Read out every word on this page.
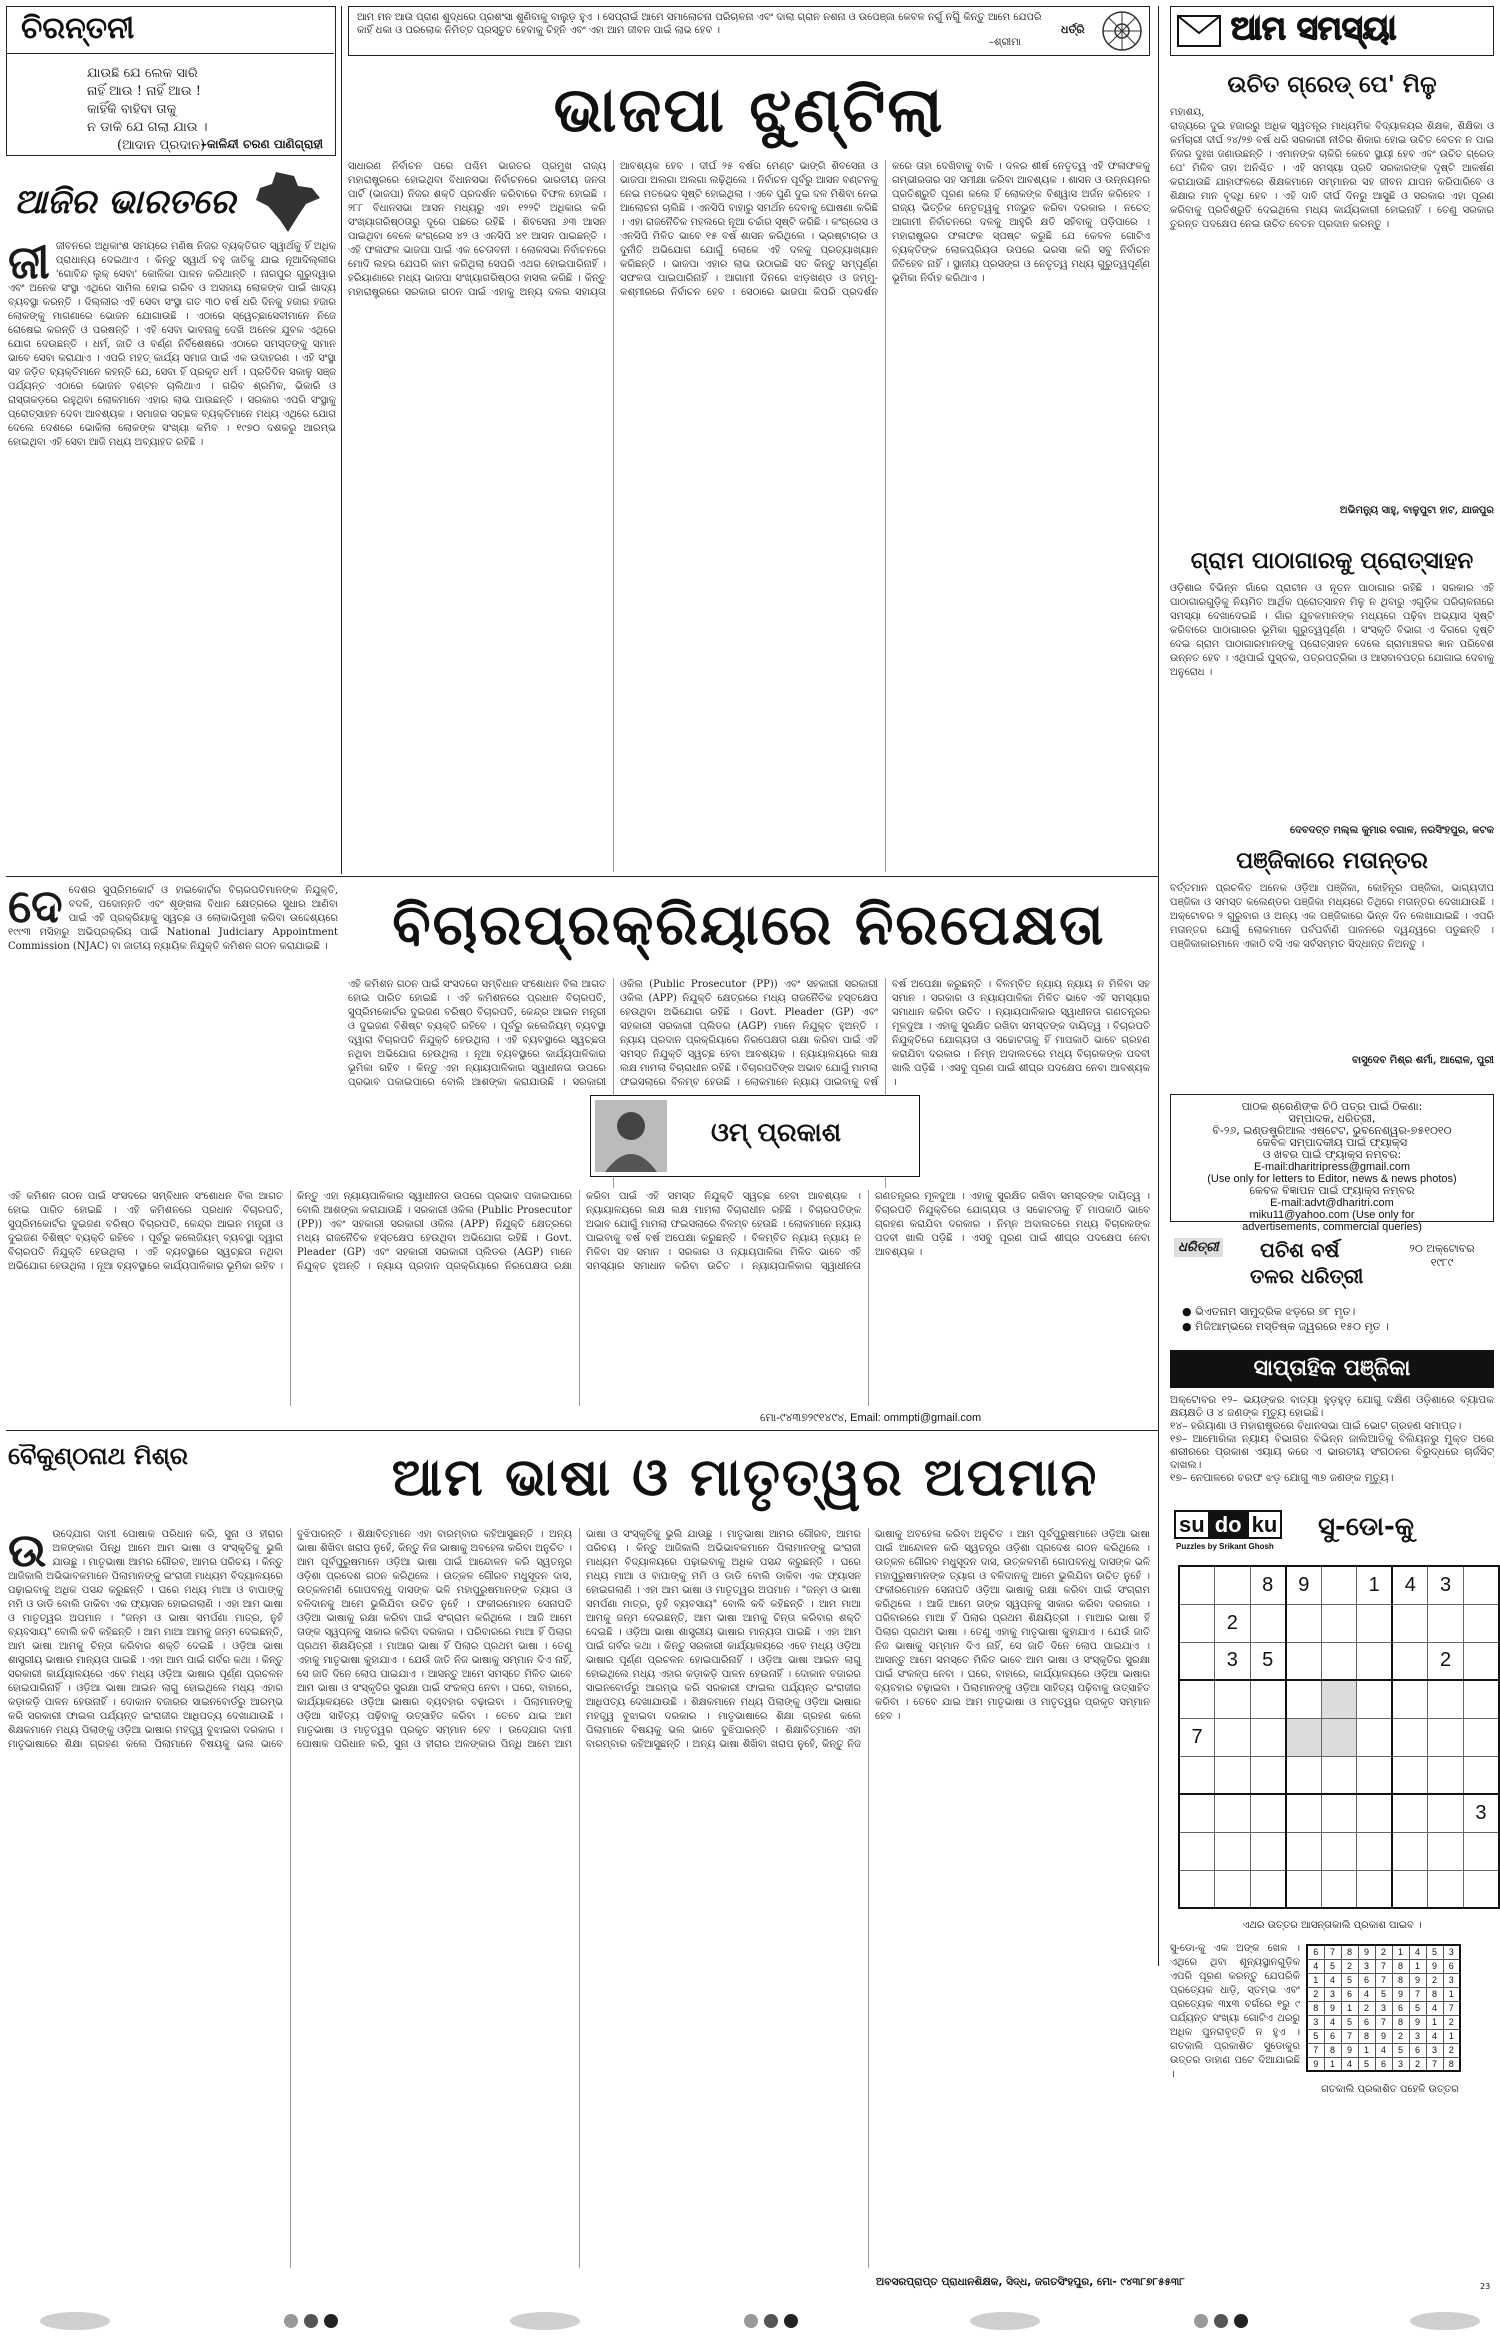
ଚିରନ୍ତନୀ
ଯାଉଛି ଯେ ଲେକ ସାରି
ନାହିଁ ଆଉ ! ନାହିଁ ଆଉ !
କାହିଁକି ବାହିବା ତାକୁ
ନ ଡାକି ଯେ ଗଲା ଯାଉ ।
(ଆଦାନ ପ୍ରଦାନ)
–କାଳିନ୍ଦୀ ଚରଣ ପାଣିଗ୍ରାହୀ
ଆଜିର ଭାରତରେ
ଜୀ ଜୀବନରେ ଅଧିକାଂଶ ସମୟରେ ମଣିଷ ନିଜର ବ୍ୟକ୍ତିଗତ ସ୍ୱାର୍ଥକୁ ହିଁ ଅଧିକ ପ୍ରାଧାନ୍ୟ ଦେଇଥାଏ । କିନ୍ତୁ ସ୍ୱାର୍ଥ ବହୁ ଜାତିକୁ ଯାଇ ନୂଆଦିଲ୍ଲୀର 'ଗୋବିନ୍ଦ ଲୁକ୍ ସେବା' କୋଳିକା ପାଳନ କରିଥାନ୍ତି । ନାଗପୁର ଗୁରୁଦ୍ୱାର ଏବଂ ଅନେକ ସଂସ୍ଥା ଏଥିରେ ସାମିଲ ହୋଇ ଗରିବ ଓ ଅସହାୟ ଲୋକଙ୍କ ପାଇଁ ଖାଦ୍ୟ ବ୍ୟବସ୍ଥା କରନ୍ତି । ଦିଲ୍ଲୀର ଏହି ସେବା ସଂସ୍ଥା ଗତ ୩୦ ବର୍ଷ ଧରି ଦିନକୁ ହଜାର ହଜାର ଲୋକଙ୍କୁ ମାଗଣାରେ ଭୋଜନ ଯୋଗାଉଛି । ଏଠାରେ ସ୍ୱେଚ୍ଛାସେବୀମାନେ ନିଜେ ରୋଷେଇ କରନ୍ତି ଓ ପରଷନ୍ତି । ଏହି ସେବା ଭାବନାକୁ ଦେଖି ଅନେକ ଯୁବକ ଏଥିରେ ଯୋଗ ଦେଉଛନ୍ତି । ଧର୍ମ, ଜାତି ଓ ବର୍ଣ୍ଣ ନିର୍ବିଶେଷରେ ଏଠାରେ ସମସ୍ତଙ୍କୁ ସମାନ ଭାବେ ସେବା କରାଯାଏ । ଏପରି ମହତ୍ କାର୍ଯ୍ୟ ସମାଜ ପାଇଁ ଏକ ଉଦାହରଣ । ଏହି ସଂସ୍ଥା ସହ ଜଡ଼ିତ ବ୍ୟକ୍ତିମାନେ କହନ୍ତି ଯେ, ସେବା ହିଁ ପ୍ରକୃତ ଧର୍ମ । ପ୍ରତିଦିନ ସକାଳୁ ସଞ୍ଜ ପର୍ଯ୍ୟନ୍ତ ଏଠାରେ ଭୋଜନ ବଣ୍ଟନ ଚାଲିଥାଏ । ଗରିବ ଶ୍ରମିକ, ଭିକାରି ଓ ରାସ୍ତାକଡ଼ରେ ରହୁଥିବା ଲୋକମାନେ ଏହାର ଲାଭ ପାଉଛନ୍ତି । ସରକାର ଏପରି ସଂସ୍ଥାକୁ ପ୍ରୋତ୍ସାହନ ଦେବା ଆବଶ୍ୟକ । ସମାଜର ସଚ୍ଛଳ ବ୍ୟକ୍ତିମାନେ ମଧ୍ୟ ଏଥିରେ ଯୋଗ ଦେଲେ ଦେଶରେ ଭୋକିଲା ଲୋକଙ୍କ ସଂଖ୍ୟା କମିବ । ୧୯୭୦ ଦଶକରୁ ଆରମ୍ଭ ହୋଇଥିବା ଏହି ସେବା ଆଜି ମଧ୍ୟ ଅବ୍ୟାହତ ରହିଛି ।
ଆମ ମନ ଆଉ ପ୍ରାଣ ଶୁଦ୍ଧରେ ପ୍ରଶଂସା ଶୁଣିବାକୁ ବାଲୁଡ଼ ହୁଏ । ସେପ୍ରାଇଁ ଆମେ ସମାଲୋଚନା ପରିଚାଳନା ଏବଂ ଦାଲା ଗ୍ରାନ ନଶନା ଓ ଉପେଞ୍ଜା କେବଳ ନର୍ଗୁ ନର୍ଗୁଁ କିନ୍ତୁ ଆମେ ଯେପରି କାହିଁ ଧକା ଓ ପରଲୋକ ନିମିତ୍ତ ପ୍ରସ୍ତୁତ ହେବାକୁ ଚିହ୍ନି ଏବଂ ଏହା ଆମ ଜୀବନ ପାଇଁ ଲାଭ ହେବ ।
–ଶ୍ରୀମା
ଧର୍ତ୍ରି
ଭାଜପା ଝୁଣ୍ଟିଲା
ସାଧାରଣ ନିର୍ବାଚନ ପରେ ପଶ୍ଚିମ ଭାରତର ପ୍ରମୁଖ ରାଜ୍ୟ ମହାରାଷ୍ଟ୍ରରେ ହୋଇଥିବା ବିଧାନସଭା ନିର୍ବାଚନରେ ଭାରତୀୟ ଜନତା ପାର୍ଟି (ଭାଜପା) ନିଜର ଶକ୍ତି ପ୍ରଦର୍ଶନ କରିବାରେ ବିଫଳ ହୋଇଛି । ୨୮୮ ବିଧାନସଭା ଆସନ ମଧ୍ୟରୁ ଏହା ୧୨୨ଟି ଅଧିକାର କରି ସଂଖ୍ୟାଗରିଷ୍ଠତାରୁ ଦୂରେ ପଛରେ ରହିଛି । ଶିବସେନା ୬୩ ଆସନ ପାଇଥିବା ବେଳେ କଂଗ୍ରେସ ୪୨ ଓ ଏନସିପି ୪୧ ଆସନ ପାଇଛନ୍ତି । ଏହି ଫଳାଫଳ ଭାଜପା ପାଇଁ ଏକ ଚେତାବନୀ । ଲୋକସଭା ନିର୍ବାଚନରେ ମୋଦି ଲହର ଯେପରି କାମ କରିଥିଲା ସେପରି ଏଥର ହୋଇପାରିନାହିଁ । ହରିୟାଣାରେ ମଧ୍ୟ ଭାଜପା ସଂଖ୍ୟାଗରିଷ୍ଠତା ହାସଲ କରିଛି । କିନ୍ତୁ ମହାରାଷ୍ଟ୍ରରେ ସରକାର ଗଠନ ପାଇଁ ଏହାକୁ ଅନ୍ୟ ଦଳର ସହାୟତା ଆବଶ୍ୟକ ହେବ । ଦୀର୍ଘ ୨୫ ବର୍ଷର ମେଣ୍ଟ ଭାଙ୍ଗି ଶିବସେନା ଓ ଭାଜପା ଅଲଗା ଅଲଗା ଲଢ଼ିଥିଲେ । ନିର୍ବାଚନ ପୂର୍ବରୁ ଆସନ ବଣ୍ଟନକୁ ନେଇ ମତଭେଦ ସୃଷ୍ଟି ହୋଇଥିଲା । ଏବେ ପୁଣି ଦୁଇ ଦଳ ମିଶିବା ନେଇ ଆଲୋଚନା ଚାଲିଛି । ଏନସିପି ବାହାରୁ ସମର୍ଥନ ଦେବାକୁ ଘୋଷଣା କରିଛି । ଏହା ରାଜନୈତିକ ମହଲରେ ନୂଆ ଚର୍ଚ୍ଚାର ସୃଷ୍ଟି କରିଛି । କଂଗ୍ରେସ ଓ ଏନସିପି ମିଳିତ ଭାବେ ୧୫ ବର୍ଷ ଶାସନ କରିଥିଲେ । ଭ୍ରଷ୍ଟାଚାର ଓ ଦୁର୍ନୀତି ଅଭିଯୋଗ ଯୋଗୁଁ ଲୋକେ ଏହି ଦଳକୁ ପ୍ରତ୍ୟାଖ୍ୟାନ କରିଛନ୍ତି । ଭାଜପା ଏହାର ଲାଭ ଉଠାଇଛି ସତ କିନ୍ତୁ ସମ୍ପୂର୍ଣ୍ଣ ସଫଳତା ପାଇପାରିନାହିଁ । ଆଗାମୀ ଦିନରେ ଝାଡ଼ଖଣ୍ଡ ଓ ଜମ୍ମୁ-କଶ୍ମୀରରେ ନିର୍ବାଚନ ହେବ । ସେଠାରେ ଭାଜପା କିପରି ପ୍ରଦର୍ଶନ କରେ ତାହା ଦେଖିବାକୁ ବାକି । ଦଳର ଶୀର୍ଷ ନେତୃତ୍ୱ ଏହି ଫଳାଫଳକୁ ଗମ୍ଭୀରତାର ସହ ସମୀକ୍ଷା କରିବା ଆବଶ୍ୟକ । ଶାସନ ଓ ଉନ୍ନୟନର ପ୍ରତିଶ୍ରୁତି ପୂରଣ କଲେ ହିଁ ଲୋକଙ୍କ ବିଶ୍ୱାସ ଅର୍ଜନ କରିହେବ । ରାଜ୍ୟ ଭିତ୍ତିକ ନେତୃତ୍ୱକୁ ମଜଭୁତ କରିବା ଦରକାର । ନଚେତ୍ ଆଗାମୀ ନିର୍ବାଚନରେ ଦଳକୁ ଆହୁରି କ୍ଷତି ସହିବାକୁ ପଡ଼ିପାରେ । ମହାରାଷ୍ଟ୍ରର ଫଳାଫଳ ସ୍ପଷ୍ଟ କରୁଛି ଯେ କେବଳ ଗୋଟିଏ ବ୍ୟକ୍ତିଙ୍କ ଲୋକପ୍ରିୟତା ଉପରେ ଭରସା କରି ସବୁ ନିର୍ବାଚନ ଜିତିହେବ ନାହିଁ । ସ୍ଥାନୀୟ ପ୍ରସଙ୍ଗ ଓ ନେତୃତ୍ୱ ମଧ୍ୟ ଗୁରୁତ୍ୱପୂର୍ଣ୍ଣ ଭୂମିକା ନିର୍ବାହ କରିଥାଏ ।
ଆମ ସମସ୍ୟା
ଉଚିତ ଗ୍ରେଡ୍ ପେ' ମିଳୁ
ମହାଶୟ,
ରାଜ୍ୟରେ ଦୁଇ ହଜାରରୁ ଅଧିକ ସ୍ୱତନ୍ତ୍ର ମାଧ୍ୟମିକ ବିଦ୍ୟାଳୟର ଶିକ୍ଷକ, ଶିକ୍ଷିକା ଓ କର୍ମଚାରୀ ଦୀର୍ଘ ୨୪/୨୭ ବର୍ଷ ଧରି ସରକାରୀ ନୀତିର ଶିକାର ହୋଇ ଉଚିତ ବେତନ ନ ପାଇ ନିଜର ଦୁଃଖ ଜଣାଉଛନ୍ତି । ଏମାନଙ୍କ ଚାକିରି କେବେ ସ୍ଥାୟୀ ହେବ ଏବଂ ଉଚିତ ଗ୍ରେଡ୍ ପେ' ମିଳିବ ତାହା ଅନିଶ୍ଚିତ । ଏହି ସମସ୍ୟା ପ୍ରତି ସରକାରଙ୍କ ଦୃଷ୍ଟି ଆକର୍ଷଣ କରାଯାଉଛି ଯାହାଫଳରେ ଶିକ୍ଷକମାନେ ସମ୍ମାନର ସହ ଜୀବନ ଯାପନ କରିପାରିବେ ଓ ଶିକ୍ଷାର ମାନ ବୃଦ୍ଧି ହେବ । ଏହି ଦାବି ଦୀର୍ଘ ଦିନରୁ ଆସୁଛି ଓ ସରକାର ଏହା ପୂରଣ କରିବାକୁ ପ୍ରତିଶ୍ରୁତି ଦେଇଥିଲେ ମଧ୍ୟ କାର୍ଯ୍ୟକାରୀ ହୋଇନାହିଁ । ତେଣୁ ସରକାର ତୁରନ୍ତ ପଦକ୍ଷେପ ନେଇ ଉଚିତ ବେତନ ପ୍ରଦାନ କରନ୍ତୁ ।
ଅଭିମନ୍ୟୁ ସାହୁ, ବାଳୁପୁଟା ହାଟ, ଯାଜପୁର
ଗ୍ରାମ ପାଠାଗାରକୁ ପ୍ରୋତ୍ସାହନ
ଓଡ଼ିଶାର ବିଭିନ୍ନ ଗାଁରେ ପ୍ରାଚୀନ ଓ ନୂତନ ପାଠାଗାର ରହିଛି । ସରକାର ଏହି ପାଠାଗାରଗୁଡ଼ିକୁ ନିୟମିତ ଆର୍ଥିକ ପ୍ରୋତ୍ସାହନ ମିଳୁ ନ ଥିବାରୁ ଏଗୁଡ଼ିକ ପରିଚାଳନାରେ ସମସ୍ୟା ଦେଖାଦେଇଛି । ଗାଁର ଯୁବକମାନଙ୍କ ମଧ୍ୟରେ ପଢ଼ିବା ଅଭ୍ୟାସ ସୃଷ୍ଟି କରିବାରେ ପାଠାଗାରର ଭୂମିକା ଗୁରୁତ୍ୱପୂର୍ଣ୍ଣ । ସଂସ୍କୃତି ବିଭାଗ ଏ ଦିଗରେ ଦୃଷ୍ଟି ଦେଇ ଗ୍ରାମ ପାଠାଗାରମାନଙ୍କୁ ପ୍ରୋତ୍ସାହନ ଦେଲେ ଗ୍ରାମାଞ୍ଚଳର ଜ୍ଞାନ ପରିବେଶ ଉନ୍ନତ ହେବ । ଏଥିପାଇଁ ପୁସ୍ତକ, ପତ୍ରପତ୍ରିକା ଓ ଆସବାବପତ୍ର ଯୋଗାଇ ଦେବାକୁ ଅନୁରୋଧ ।
ଦେବଦତ୍ତ ମଲ୍ଲ କୁମାର ବଗାଳ, ନରସିଂହପୁର, କଟକ
ପଞ୍ଜିକାରେ ମତାନ୍ତର
ବର୍ତ୍ତମାନ ପ୍ରଚଳିତ ଅନେକ ଓଡ଼ିଆ ପଞ୍ଜିକା, କୋହିନୂର ପଞ୍ଜିକା, ଭାଗ୍ୟଦୀପ ପଞ୍ଜିକା ଓ ସମସ୍ତ କଲେଣ୍ଡର ପଞ୍ଜିକା ମଧ୍ୟରେ ତିଥିରେ ମତାନ୍ତର ଦେଖାଯାଉଛି । ଅକ୍ଟୋବର ୨ ଗୁରୁବାର ଓ ଅନ୍ୟ ଏକ ପଞ୍ଜିକାରେ ଭିନ୍ନ ଦିନ ଲେଖାଯାଇଛି । ଏପରି ମତାନ୍ତର ଯୋଗୁଁ ଲୋକମାନେ ପର୍ବପର୍ବାଣି ପାଳନରେ ଦ୍ୱନ୍ଦ୍ୱରେ ପଡୁଛନ୍ତି । ପଞ୍ଜିକାକାରମାନେ ଏକାଠି ବସି ଏକ ସର୍ବସମ୍ମତ ସିଦ୍ଧାନ୍ତ ନିଅନ୍ତୁ ।
ବାସୁଦେବ ମିଶ୍ର ଶର୍ମା, ଆରୋଳ, ପୁରୀ
ପାଠକ ଶ୍ରେଣିଙ୍କ ଚିଠି ପତ୍ର ପାଇଁ ଠିକଣା:
ସମ୍ପାଦକ, ଧରିତ୍ରୀ,
ବି-୨୬, ଇଣ୍ଡଷ୍ଟ୍ରିଆଲ ଏଷ୍ଟେଟ, ଭୁବନେଶ୍ୱର-୭୫୧୦୧୦
କେବଳ ସମ୍ପାଦକୀୟ ପାଇଁ ଫ୍ୟାକ୍ସ
ଓ ଖବର ପାଇଁ ଫ୍ୟାକ୍ସ ନମ୍ବର:
E-mail:dharitripress@gmail.com
(Use only for letters to Editor, news & news photos)
କେବଳ ବିଜ୍ଞାପନ ପାଇଁ ଫ୍ୟାକ୍ସ ନମ୍ବର
E-mail:advt@dharitri.com
miku11@yahoo.com (Use only for
advertisements, commercial queries)
ଧରିତ୍ରୀ ପଚିଶ ବର୍ଷ
ତଳର ଧରିତ୍ରୀ
୨୦ ଅକ୍ଟୋବର ୧୯୮୯
● ଭିଏତନାମ ସାମୁଦ୍ରିକ ଝଡ଼ରେ ୭୮ ମୃତ।
● ମିଜିଆମ୍ଭରେ ମସ୍ତିଷ୍କ ଜ୍ୱରରେ ୧୫୦ ମୃତ ।
ସାପ୍ତାହିକ ପଞ୍ଜିକା
ଅକ୍ଟୋବର ୧୨– ଭୟଙ୍କର ବାତ୍ୟା ହୁଡ଼ହୁଡ଼ ଯୋଗୁ ଦକ୍ଷିଣ ଓଡ଼ିଶାରେ ବ୍ୟାପକ କ୍ଷୟକ୍ଷତି ଓ ୪ ଜଣଙ୍କ ମୃତ୍ୟୁ ହୋଇଛି।
୧୪– ହରିୟାଣା ଓ ମହାରାଷ୍ଟ୍ରରେ ବିଧାନସଭା ପାଇଁ ଭୋଟ ଗ୍ରହଣ ସମାପ୍ତ।
୧୭– ଆମୋରିକା ନ୍ୟାୟ ବିଭାଗର ବିଭିନ୍ନ ଜାଲିଆତିକୁ ବିଲିୟନରୁ ମୁକ୍ତ ପରେ ଶରୀରରେ ପ୍ରକାଶ ଏୟାୟ କରେ ଏ ଭାରତୀୟ ସଂଗଠନର ବିରୁଦ୍ଧରେ ଚାର୍ଜସିଟ୍ ଦାଖଲ।
୧୭– ନେପାଳରେ ବରଫ ଝଡ଼ ଯୋଗୁ ୩୭ ଜଣଙ୍କ ମୃତ୍ୟୁ।
su do ku
Puzzles by Srikant Ghosh
ସୁ-ଡୋ-କୁ
		8	9		1	4	3	
	2							
	3	5					2	

7								

								3

ଏଥର ଉତ୍ତର ଆସନ୍ତାକାଲି ପ୍ରକାଶ ପାଇବ ।
ସୁ-ଡୋ-କୁ ଏକ ଅଙ୍କ ଖେଳ । ଏଥିରେ ଥିବା ଶୂନ୍ୟସ୍ଥାନଗୁଡ଼ିକ ଏପରି ପୂରଣ କରନ୍ତୁ ଯେପରିକି ପ୍ରତ୍ୟେକ ଧାଡ଼ି, ସ୍ତମ୍ଭ ଏବଂ ପ୍ରତ୍ୟେକ ୩x୩ ବର୍ଗରେ ୧ରୁ ୯ ପର୍ଯ୍ୟନ୍ତ ସଂଖ୍ୟା ଗୋଟିଏ ଥରରୁ ଅଧିକ ପୁନରାବୃତ୍ତି ନ ହୁଏ । ଗତକାଲି ପ୍ରକାଶିତ ସୁଡୋକୁର ଉତ୍ତର ଡାହାଣ ପଟେ ଦିଆଯାଇଛି ।
6	7	8	9	2	1	4	5	3
4	5	2	3	7	8	1	9	6
1	4	5	6	7	8	9	2	3
2	3	6	4	5	9	7	8	1
8	9	1	2	3	6	5	4	7
3	4	5	6	7	8	9	1	2
5	6	7	8	9	2	3	4	1
7	8	9	1	4	5	6	3	2
9	1	4	5	6	3	2	7	8
ଗତକାଲି ପ୍ରକାଶିତ ପହେଳି ଉତ୍ତର
ଦେ ଦେଶର ସୁପ୍ରିମକୋର୍ଟ ଓ ହାଇକୋର୍ଟର ବିଚାରପତିମାନଙ୍କ ନିଯୁକ୍ତି, ବଦଳି, ପଦୋନ୍ନତି ଏବଂ ଶୃଙ୍ଖଳା ବିଧାନ କ୍ଷେତ୍ରରେ ସୁଧାର ଆଣିବା ପାଇଁ ଏହି ପ୍ରକ୍ରିୟାକୁ ସ୍ୱଚ୍ଛ ଓ ଲୋକାଭିମୁଖୀ କରିବା ଉଦ୍ଦେଶ୍ୟରେ ୧୯୯୩ ମସିହାରୁ ଅଭିପ୍ରକ୍ରିୟ ପାଇଁ National Judiciary Appointment Commission (NJAC) ବା ଜାତୀୟ ନ୍ୟାୟିକ ନିଯୁକ୍ତି କମିଶନ ଗଠନ କରାଯାଇଛି ।	ବିଚାରପ୍ରକ୍ରିୟାରେ ନିରପେକ୍ଷତା
ଏହି କମିଶନ ଗଠନ ପାଇଁ ସଂସଦରେ ସମ୍ବିଧାନ ସଂଶୋଧନ ବିଲ ଆଗତ ହୋଇ ପାରିତ ହୋଇଛି । ଏହି କମିଶନରେ ପ୍ରଧାନ ବିଚାରପତି, ସୁପ୍ରିମକୋର୍ଟର ଦୁଇଜଣ ବରିଷ୍ଠ ବିଚାରପତି, କେନ୍ଦ୍ର ଆଇନ ମନ୍ତ୍ରୀ ଓ ଦୁଇଜଣ ବିଶିଷ୍ଟ ବ୍ୟକ୍ତି ରହିବେ । ପୂର୍ବରୁ କଲେଜିୟମ୍ ବ୍ୟବସ୍ଥା ଦ୍ୱାରା ବିଚାରପତି ନିଯୁକ୍ତି ହେଉଥିଲା । ଏହି ବ୍ୟବସ୍ଥାରେ ସ୍ୱଚ୍ଛତା ନଥିବା ଅଭିଯୋଗ ହେଉଥିଲା । ନୂଆ ବ୍ୟବସ୍ଥାରେ କାର୍ଯ୍ୟପାଳିକାର ଭୂମିକା ରହିବ । କିନ୍ତୁ ଏହା ନ୍ୟାୟପାଳିକାର ସ୍ୱାଧୀନତା ଉପରେ ପ୍ରଭାବ ପକାଇପାରେ ବୋଲି ଆଶଙ୍କା କରାଯାଉଛି । ସରକାରୀ ଓକିଲ (Public Prosecutor (PP)) ଏବଂ ସହକାରୀ ସରକାରୀ ଓକିଲ (APP) ନିଯୁକ୍ତି କ୍ଷେତ୍ରରେ ମଧ୍ୟ ରାଜନୈତିକ ହସ୍ତକ୍ଷେପ ହେଉଥିବା ଅଭିଯୋଗ ରହିଛି । Govt. Pleader (GP) ଏବଂ ସହକାରୀ ସରକାରୀ ପ୍ଲିଡର (AGP) ମାନେ ନିଯୁକ୍ତ ହୁଅନ୍ତି । ନ୍ୟାୟ ପ୍ରଦାନ ପ୍ରକ୍ରିୟାରେ ନିରପେକ୍ଷତା ରକ୍ଷା କରିବା ପାଇଁ ଏହି ସମସ୍ତ ନିଯୁକ୍ତି ସ୍ୱଚ୍ଛ ହେବା ଆବଶ୍ୟକ । ନ୍ୟାୟାଳୟରେ ଲକ୍ଷ ଲକ୍ଷ ମାମଲା ବିଚାରାଧୀନ ରହିଛି । ବିଚାରପତିଙ୍କ ଅଭାବ ଯୋଗୁଁ ମାମଲା ଫଇସଲାରେ ବିଳମ୍ବ ହେଉଛି । ଲୋକମାନେ ନ୍ୟାୟ ପାଇବାକୁ ବର୍ଷ ବର୍ଷ ଅପେକ୍ଷା କରୁଛନ୍ତି । ବିଳମ୍ବିତ ନ୍ୟାୟ ନ୍ୟାୟ ନ ମିଳିବା ସହ ସମାନ । ସରକାର ଓ ନ୍ୟାୟପାଳିକା ମିଳିତ ଭାବେ ଏହି ସମସ୍ୟାର ସମାଧାନ କରିବା ଉଚିତ । ନ୍ୟାୟପାଳିକାର ସ୍ୱାଧୀନତା ଗଣତନ୍ତ୍ରର ମୂଳଦୁଆ । ଏହାକୁ ସୁରକ୍ଷିତ ରଖିବା ସମସ୍ତଙ୍କ ଦାୟିତ୍ୱ । ବିଚାରପତି ନିଯୁକ୍ତିରେ ଯୋଗ୍ୟତା ଓ ସଚ୍ଚୋଟତାକୁ ହିଁ ମାପକାଠି ଭାବେ ଗ୍ରହଣ କରାଯିବା ଦରକାର । ନିମ୍ନ ଅଦାଲତରେ ମଧ୍ୟ ବିଚାରକଙ୍କ ପଦବୀ ଖାଲି ପଡ଼ିଛି । ଏସବୁ ପୂରଣ ପାଇଁ ଶୀଘ୍ର ପଦକ୍ଷେପ ନେବା ଆବଶ୍ୟକ ।
ଏହି କମିଶନ ଗଠନ ପାଇଁ ସଂସଦରେ ସମ୍ବିଧାନ ସଂଶୋଧନ ବିଲ ଆଗତ ହୋଇ ପାରିତ ହୋଇଛି । ଏହି କମିଶନରେ ପ୍ରଧାନ ବିଚାରପତି, ସୁପ୍ରିମକୋର୍ଟର ଦୁଇଜଣ ବରିଷ୍ଠ ବିଚାରପତି, କେନ୍ଦ୍ର ଆଇନ ମନ୍ତ୍ରୀ ଓ ଦୁଇଜଣ ବିଶିଷ୍ଟ ବ୍ୟକ୍ତି ରହିବେ । ପୂର୍ବରୁ କଲେଜିୟମ୍ ବ୍ୟବସ୍ଥା ଦ୍ୱାରା ବିଚାରପତି ନିଯୁକ୍ତି ହେଉଥିଲା । ଏହି ବ୍ୟବସ୍ଥାରେ ସ୍ୱଚ୍ଛତା ନଥିବା ଅଭିଯୋଗ ହେଉଥିଲା । ନୂଆ ବ୍ୟବସ୍ଥାରେ କାର୍ଯ୍ୟପାଳିକାର ଭୂମିକା ରହିବ । କିନ୍ତୁ ଏହା ନ୍ୟାୟପାଳିକାର ସ୍ୱାଧୀନତା ଉପରେ ପ୍ରଭାବ ପକାଇପାରେ ବୋଲି ଆଶଙ୍କା କରାଯାଉଛି । ସରକାରୀ ଓକିଲ (Public Prosecutor (PP)) ଏବଂ ସହକାରୀ ସରକାରୀ ଓକିଲ (APP) ନିଯୁକ୍ତି କ୍ଷେତ୍ରରେ ମଧ୍ୟ ରାଜନୈତିକ ହସ୍ତକ୍ଷେପ ହେଉଥିବା ଅଭିଯୋଗ ରହିଛି । Govt. Pleader (GP) ଏବଂ ସହକାରୀ ସରକାରୀ ପ୍ଲିଡର (AGP) ମାନେ ନିଯୁକ୍ତ ହୁଅନ୍ତି । ନ୍ୟାୟ ପ୍ରଦାନ ପ୍ରକ୍ରିୟାରେ ନିରପେକ୍ଷତା ରକ୍ଷା କରିବା ପାଇଁ ଏହି ସମସ୍ତ ନିଯୁକ୍ତି ସ୍ୱଚ୍ଛ ହେବା ଆବଶ୍ୟକ । ନ୍ୟାୟାଳୟରେ ଲକ୍ଷ ଲକ୍ଷ ମାମଲା ବିଚାରାଧୀନ ରହିଛି । ବିଚାରପତିଙ୍କ ଅଭାବ ଯୋଗୁଁ ମାମଲା ଫଇସଲାରେ ବିଳମ୍ବ ହେଉଛି । ଲୋକମାନେ ନ୍ୟାୟ ପାଇବାକୁ ବର୍ଷ ବର୍ଷ ଅପେକ୍ଷା କରୁଛନ୍ତି । ବିଳମ୍ବିତ ନ୍ୟାୟ ନ୍ୟାୟ ନ ମିଳିବା ସହ ସମାନ । ସରକାର ଓ ନ୍ୟାୟପାଳିକା ମିଳିତ ଭାବେ ଏହି ସମସ୍ୟାର ସମାଧାନ କରିବା ଉଚିତ । ନ୍ୟାୟପାଳିକାର ସ୍ୱାଧୀନତା ଗଣତନ୍ତ୍ରର ମୂଳଦୁଆ । ଏହାକୁ ସୁରକ୍ଷିତ ରଖିବା ସମସ୍ତଙ୍କ ଦାୟିତ୍ୱ । ବିଚାରପତି ନିଯୁକ୍ତିରେ ଯୋଗ୍ୟତା ଓ ସଚ୍ଚୋଟତାକୁ ହିଁ ମାପକାଠି ଭାବେ ଗ୍ରହଣ କରାଯିବା ଦରକାର । ନିମ୍ନ ଅଦାଲତରେ ମଧ୍ୟ ବିଚାରକଙ୍କ ପଦବୀ ଖାଲି ପଡ଼ିଛି । ଏସବୁ ପୂରଣ ପାଇଁ ଶୀଘ୍ର ପଦକ୍ଷେପ ନେବା ଆବଶ୍ୟକ ।
ଓମ୍ ପ୍ରକାଶ
ମୋ-୯୪୩୭୨୯୧୪୯୪, Email: ommpti@gmail.com
ବୈକୁଣ୍ଠନାଥ ମିଶ୍ର	ଆମ ଭାଷା ଓ ମାତୃତ୍ୱର ଅପମାନ
ଉ ଉଦ୍ଯୋଗ ଦାମୀ ପୋଷାକ ପରିଧାନ କରି, ସୁନା ଓ ହୀରାର ଅଳଙ୍କାର ପିନ୍ଧି ଆମେ ଆମ ଭାଷା ଓ ସଂସ୍କୃତିକୁ ଭୁଲି ଯାଉଛୁ । ମାତୃଭାଷା ଆମର ଗୌରବ, ଆମର ପରିଚୟ । କିନ୍ତୁ ଆଜିକାଲି ଅଭିଭାବକମାନେ ପିଲାମାନଙ୍କୁ ଇଂରାଜୀ ମାଧ୍ୟମ ବିଦ୍ୟାଳୟରେ ପଢ଼ାଇବାକୁ ଅଧିକ ପସନ୍ଦ କରୁଛନ୍ତି । ଘରେ ମଧ୍ୟ ମାଆ ଓ ବାପାଙ୍କୁ ମମି ଓ ଡାଡି ବୋଲି ଡାକିବା ଏକ ଫ୍ୟାସନ ହୋଇଗଲାଣି । ଏହା ଆମ ଭାଷା ଓ ମାତୃତ୍ୱର ଅପମାନ । "ଜନ୍ମ ଓ ଭାଷା ସମର୍ପଣା ମାତ୍ର, ନୁହଁ ବ୍ୟବସାୟ" ବୋଲି କବି କହିଛନ୍ତି । ଆମ ମାଆ ଆମକୁ ଜନ୍ମ ଦେଇଛନ୍ତି, ଆମ ଭାଷା ଆମକୁ ଚିନ୍ତା କରିବାର ଶକ୍ତି ଦେଇଛି । ଓଡ଼ିଆ ଭାଷା ଶାସ୍ତ୍ରୀୟ ଭାଷାର ମାନ୍ୟତା ପାଇଛି । ଏହା ଆମ ପାଇଁ ଗର୍ବର କଥା । କିନ୍ତୁ ସରକାରୀ କାର୍ଯ୍ୟାଳୟରେ ଏବେ ମଧ୍ୟ ଓଡ଼ିଆ ଭାଷାର ପୂର୍ଣ୍ଣ ପ୍ରଚଳନ ହୋଇପାରିନାହିଁ । ଓଡ଼ିଆ ଭାଷା ଆଇନ ଲାଗୁ ହୋଇଥିଲେ ମଧ୍ୟ ଏହାର କଡ଼ାକଡ଼ି ପାଳନ ହେଉନାହିଁ । ଦୋକାନ ବଜାରର ସାଇନବୋର୍ଡରୁ ଆରମ୍ଭ କରି ସରକାରୀ ଫାଇଲ ପର୍ଯ୍ୟନ୍ତ ଇଂରାଜୀର ଆଧିପତ୍ୟ ଦେଖାଯାଉଛି । ଶିକ୍ଷକମାନେ ମଧ୍ୟ ପିଲାଙ୍କୁ ଓଡ଼ିଆ ଭାଷାର ମହତ୍ତ୍ୱ ବୁଝାଇବା ଦରକାର । ମାତୃଭାଷାରେ ଶିକ୍ଷା ଗ୍ରହଣ କଲେ ପିଲାମାନେ ବିଷୟକୁ ଭଲ ଭାବେ ବୁଝିପାରନ୍ତି । ଶିକ୍ଷାବିତ୍‌ମାନେ ଏହା ବାରମ୍ବାର କହିଆସୁଛନ୍ତି । ଅନ୍ୟ ଭାଷା ଶିଖିବା ଖରାପ ନୁହେଁ, କିନ୍ତୁ ନିଜ ଭାଷାକୁ ଅବହେଳା କରିବା ଅନୁଚିତ । ଆମ ପୂର୍ବପୁରୁଷମାନେ ଓଡ଼ିଆ ଭାଷା ପାଇଁ ଆନ୍ଦୋଳନ କରି ସ୍ୱତନ୍ତ୍ର ଓଡ଼ିଶା ପ୍ରଦେଶ ଗଠନ କରିଥିଲେ । ଉତ୍କଳ ଗୌରବ ମଧୁସୂଦନ ଦାସ, ଉତ୍କଳମଣି ଗୋପବନ୍ଧୁ ଦାସଙ୍କ ଭଳି ମହାପୁରୁଷମାନଙ୍କ ତ୍ୟାଗ ଓ ବଳିଦାନକୁ ଆମେ ଭୁଲିଯିବା ଉଚିତ ନୁହେଁ । ଫକୀରମୋହନ ସେନାପତି ଓଡ଼ିଆ ଭାଷାକୁ ରକ୍ଷା କରିବା ପାଇଁ ସଂଗ୍ରାମ କରିଥିଲେ । ଆଜି ଆମେ ତାଙ୍କ ସ୍ୱପ୍ନକୁ ସାକାର କରିବା ଦରକାର । ପରିବାରରେ ମାଆ ହିଁ ପିଲାର ପ୍ରଥମ ଶିକ୍ଷୟିତ୍ରୀ । ମାଆର ଭାଷା ହିଁ ପିଲାର ପ୍ରଥମ ଭାଷା । ତେଣୁ ଏହାକୁ ମାତୃଭାଷା କୁହାଯାଏ । ଯେଉଁ ଜାତି ନିଜ ଭାଷାକୁ ସମ୍ମାନ ଦିଏ ନାହିଁ, ସେ ଜାତି ଦିନେ ଲୋପ ପାଇଯାଏ । ଆସନ୍ତୁ ଆମେ ସମସ୍ତେ ମିଳିତ ଭାବେ ଆମ ଭାଷା ଓ ସଂସ୍କୃତିର ସୁରକ୍ଷା ପାଇଁ ସଂକଳ୍ପ ନେବା । ଘରେ, ବାହାରେ, କାର୍ଯ୍ୟାଳୟରେ ଓଡ଼ିଆ ଭାଷାର ବ୍ୟବହାର ବଢ଼ାଇବା । ପିଲାମାନଙ୍କୁ ଓଡ଼ିଆ ସାହିତ୍ୟ ପଢ଼ିବାକୁ ଉତ୍ସାହିତ କରିବା । ତେବେ ଯାଇ ଆମ ମାତୃଭାଷା ଓ ମାତୃତ୍ୱର ପ୍ରକୃତ ସମ୍ମାନ ହେବ । ଉଦ୍ଯୋଗ ଦାମୀ ପୋଷାକ ପରିଧାନ କରି, ସୁନା ଓ ହୀରାର ଅଳଙ୍କାର ପିନ୍ଧି ଆମେ ଆମ ଭାଷା ଓ ସଂସ୍କୃତିକୁ ଭୁଲି ଯାଉଛୁ । ମାତୃଭାଷା ଆମର ଗୌରବ, ଆମର ପରିଚୟ । କିନ୍ତୁ ଆଜିକାଲି ଅଭିଭାବକମାନେ ପିଲାମାନଙ୍କୁ ଇଂରାଜୀ ମାଧ୍ୟମ ବିଦ୍ୟାଳୟରେ ପଢ଼ାଇବାକୁ ଅଧିକ ପସନ୍ଦ କରୁଛନ୍ତି । ଘରେ ମଧ୍ୟ ମାଆ ଓ ବାପାଙ୍କୁ ମମି ଓ ଡାଡି ବୋଲି ଡାକିବା ଏକ ଫ୍ୟାସନ ହୋଇଗଲାଣି । ଏହା ଆମ ଭାଷା ଓ ମାତୃତ୍ୱର ଅପମାନ । "ଜନ୍ମ ଓ ଭାଷା ସମର୍ପଣା ମାତ୍ର, ନୁହଁ ବ୍ୟବସାୟ" ବୋଲି କବି କହିଛନ୍ତି । ଆମ ମାଆ ଆମକୁ ଜନ୍ମ ଦେଇଛନ୍ତି, ଆମ ଭାଷା ଆମକୁ ଚିନ୍ତା କରିବାର ଶକ୍ତି ଦେଇଛି । ଓଡ଼ିଆ ଭାଷା ଶାସ୍ତ୍ରୀୟ ଭାଷାର ମାନ୍ୟତା ପାଇଛି । ଏହା ଆମ ପାଇଁ ଗର୍ବର କଥା । କିନ୍ତୁ ସରକାରୀ କାର୍ଯ୍ୟାଳୟରେ ଏବେ ମଧ୍ୟ ଓଡ଼ିଆ ଭାଷାର ପୂର୍ଣ୍ଣ ପ୍ରଚଳନ ହୋଇପାରିନାହିଁ । ଓଡ଼ିଆ ଭାଷା ଆଇନ ଲାଗୁ ହୋଇଥିଲେ ମଧ୍ୟ ଏହାର କଡ଼ାକଡ଼ି ପାଳନ ହେଉନାହିଁ । ଦୋକାନ ବଜାରର ସାଇନବୋର୍ଡରୁ ଆରମ୍ଭ କରି ସରକାରୀ ଫାଇଲ ପର୍ଯ୍ୟନ୍ତ ଇଂରାଜୀର ଆଧିପତ୍ୟ ଦେଖାଯାଉଛି । ଶିକ୍ଷକମାନେ ମଧ୍ୟ ପିଲାଙ୍କୁ ଓଡ଼ିଆ ଭାଷାର ମହତ୍ତ୍ୱ ବୁଝାଇବା ଦରକାର । ମାତୃଭାଷାରେ ଶିକ୍ଷା ଗ୍ରହଣ କଲେ ପିଲାମାନେ ବିଷୟକୁ ଭଲ ଭାବେ ବୁଝିପାରନ୍ତି । ଶିକ୍ଷାବିତ୍‌ମାନେ ଏହା ବାରମ୍ବାର କହିଆସୁଛନ୍ତି । ଅନ୍ୟ ଭାଷା ଶିଖିବା ଖରାପ ନୁହେଁ, କିନ୍ତୁ ନିଜ ଭାଷାକୁ ଅବହେଳା କରିବା ଅନୁଚିତ । ଆମ ପୂର୍ବପୁରୁଷମାନେ ଓଡ଼ିଆ ଭାଷା ପାଇଁ ଆନ୍ଦୋଳନ କରି ସ୍ୱତନ୍ତ୍ର ଓଡ଼ିଶା ପ୍ରଦେଶ ଗଠନ କରିଥିଲେ । ଉତ୍କଳ ଗୌରବ ମଧୁସୂଦନ ଦାସ, ଉତ୍କଳମଣି ଗୋପବନ୍ଧୁ ଦାସଙ୍କ ଭଳି ମହାପୁରୁଷମାନଙ୍କ ତ୍ୟାଗ ଓ ବଳିଦାନକୁ ଆମେ ଭୁଲିଯିବା ଉଚିତ ନୁହେଁ । ଫକୀରମୋହନ ସେନାପତି ଓଡ଼ିଆ ଭାଷାକୁ ରକ୍ଷା କରିବା ପାଇଁ ସଂଗ୍ରାମ କରିଥିଲେ । ଆଜି ଆମେ ତାଙ୍କ ସ୍ୱପ୍ନକୁ ସାକାର କରିବା ଦରକାର । ପରିବାରରେ ମାଆ ହିଁ ପିଲାର ପ୍ରଥମ ଶିକ୍ଷୟିତ୍ରୀ । ମାଆର ଭାଷା ହିଁ ପିଲାର ପ୍ରଥମ ଭାଷା । ତେଣୁ ଏହାକୁ ମାତୃଭାଷା କୁହାଯାଏ । ଯେଉଁ ଜାତି ନିଜ ଭାଷାକୁ ସମ୍ମାନ ଦିଏ ନାହିଁ, ସେ ଜାତି ଦିନେ ଲୋପ ପାଇଯାଏ । ଆସନ୍ତୁ ଆମେ ସମସ୍ତେ ମିଳିତ ଭାବେ ଆମ ଭାଷା ଓ ସଂସ୍କୃତିର ସୁରକ୍ଷା ପାଇଁ ସଂକଳ୍ପ ନେବା । ଘରେ, ବାହାରେ, କାର୍ଯ୍ୟାଳୟରେ ଓଡ଼ିଆ ଭାଷାର ବ୍ୟବହାର ବଢ଼ାଇବା । ପିଲାମାନଙ୍କୁ ଓଡ଼ିଆ ସାହିତ୍ୟ ପଢ଼ିବାକୁ ଉତ୍ସାହିତ କରିବା । ତେବେ ଯାଇ ଆମ ମାତୃଭାଷା ଓ ମାତୃତ୍ୱର ପ୍ରକୃତ ସମ୍ମାନ ହେବ ।
ଅବସରପ୍ରାପ୍ତ ପ୍ରାଧାନଶିକ୍ଷକ, ସିଦ୍ଧ, ଜଗତସିଂହପୁର, ମୋ- ୯୪୩୮୭୮୫୫୩୮	23
